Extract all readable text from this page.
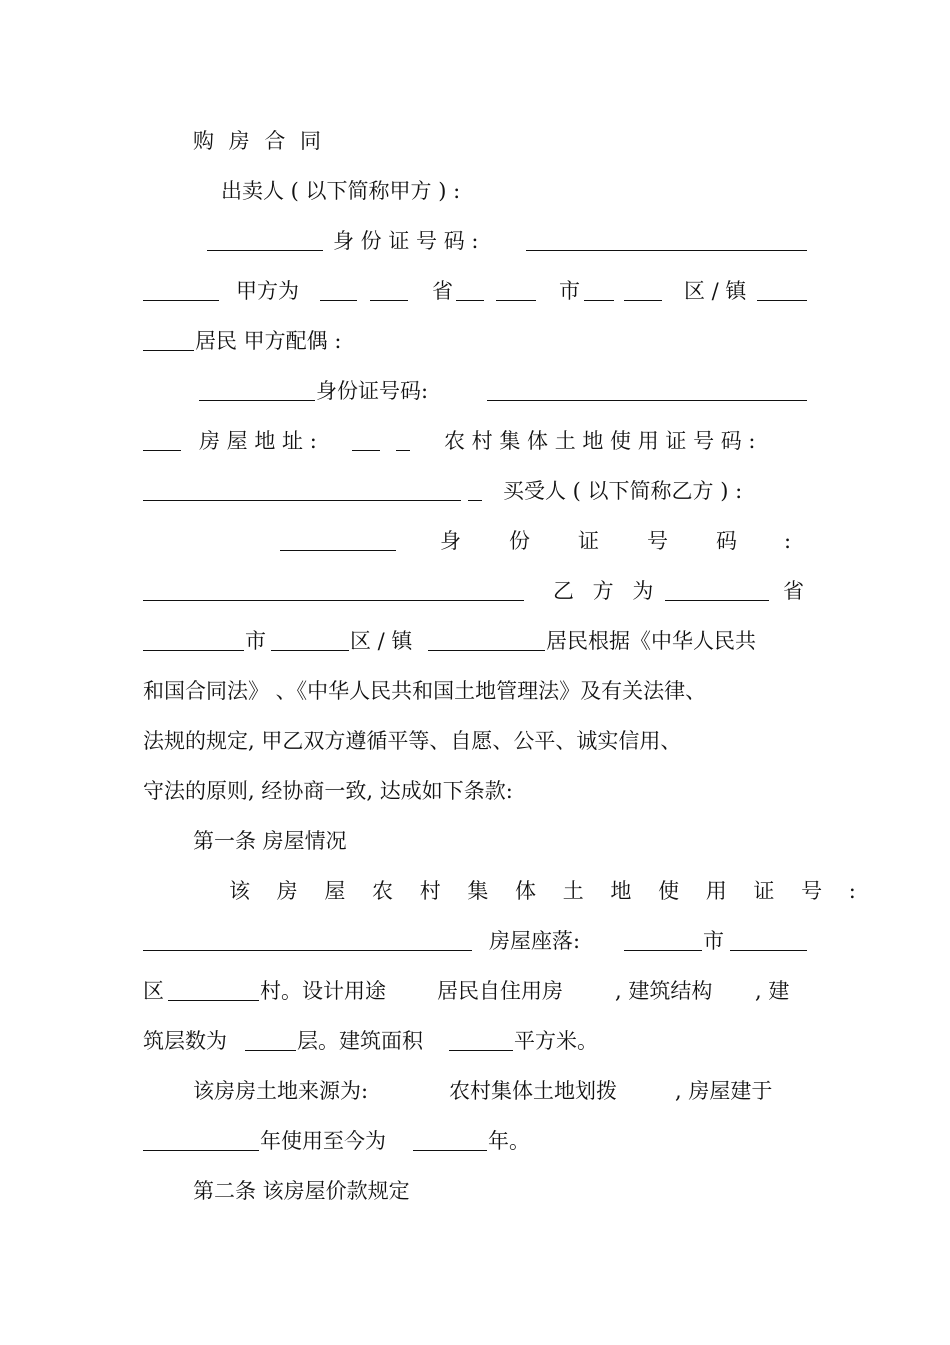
购 房 合 同
出卖人 ( 以下简称甲方 ) :
身 份 证 号 码 :
甲方为	省	市	区 / 镇
居民 甲方配偶 :
身份证号码:
房 屋 地 址 :	农 村 集 体 土 地 使 用 证 号 码 :
买受人 ( 以下简称乙方 ) :
身 份 证 号 码 :
乙 方 为	省
市	区 / 镇	居民根据《中华人民共
和国合同法》 、《中华人民共和国土地管理法》及有关法律、
法规的规定, 甲乙双方遵循平等、自愿、公平、诚实信用、
守法的原则, 经协商一致, 达成如下条款:
第一条 房屋情况
该 房 屋 农 村 集 体 土 地 使 用 证 号 :
房屋座落:	市
区	村。设计用途 居民自住用房 , 建筑结构 , 建
筑层数为	层。建筑面积	平方米。
该房房土地来源为:	农村集体土地划拨	, 房屋建于
年使用至今为	年。
第二条 该房屋价款规定
